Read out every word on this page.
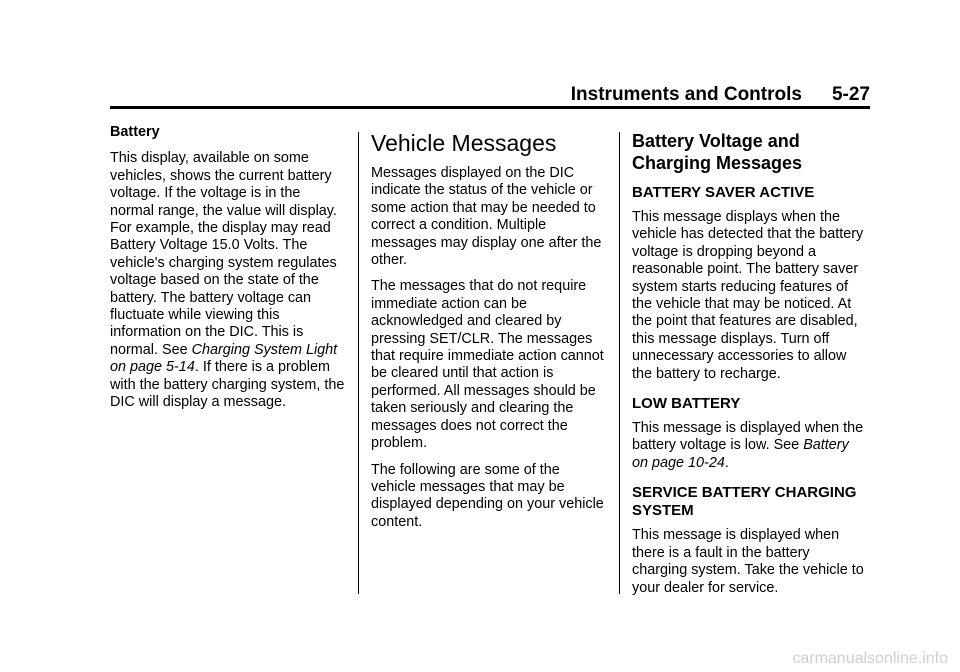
Instruments and Controls 5-27
Battery

This display, available on some vehicles, shows the current battery voltage. If the voltage is in the normal range, the value will display. For example, the display may read Battery Voltage 15.0 Volts. The vehicle's charging system regulates voltage based on the state of the battery. The battery voltage can fluctuate while viewing this information on the DIC. This is normal. See Charging System Light on page 5-14. If there is a problem with the battery charging system, the DIC will display a message.

Vehicle Messages

Messages displayed on the DIC indicate the status of the vehicle or some action that may be needed to correct a condition. Multiple messages may display one after the other.

The messages that do not require immediate action can be acknowledged and cleared by pressing SET/CLR. The messages that require immediate action cannot be cleared until that action is performed. All messages should be taken seriously and clearing the messages does not correct the problem.

The following are some of the vehicle messages that may be displayed depending on your vehicle content.

Battery Voltage and Charging Messages
BATTERY SAVER ACTIVE

This message displays when the vehicle has detected that the battery voltage is dropping beyond a reasonable point. The battery saver system starts reducing features of the vehicle that may be noticed. At the point that features are disabled, this message displays. Turn off unnecessary accessories to allow the battery to recharge.

LOW BATTERY

This message is displayed when the battery voltage is low. See Battery on page 10-24.

SERVICE BATTERY CHARGING SYSTEM

This message is displayed when there is a fault in the battery charging system. Take the vehicle to your dealer for service.

carmanualsonline.info
